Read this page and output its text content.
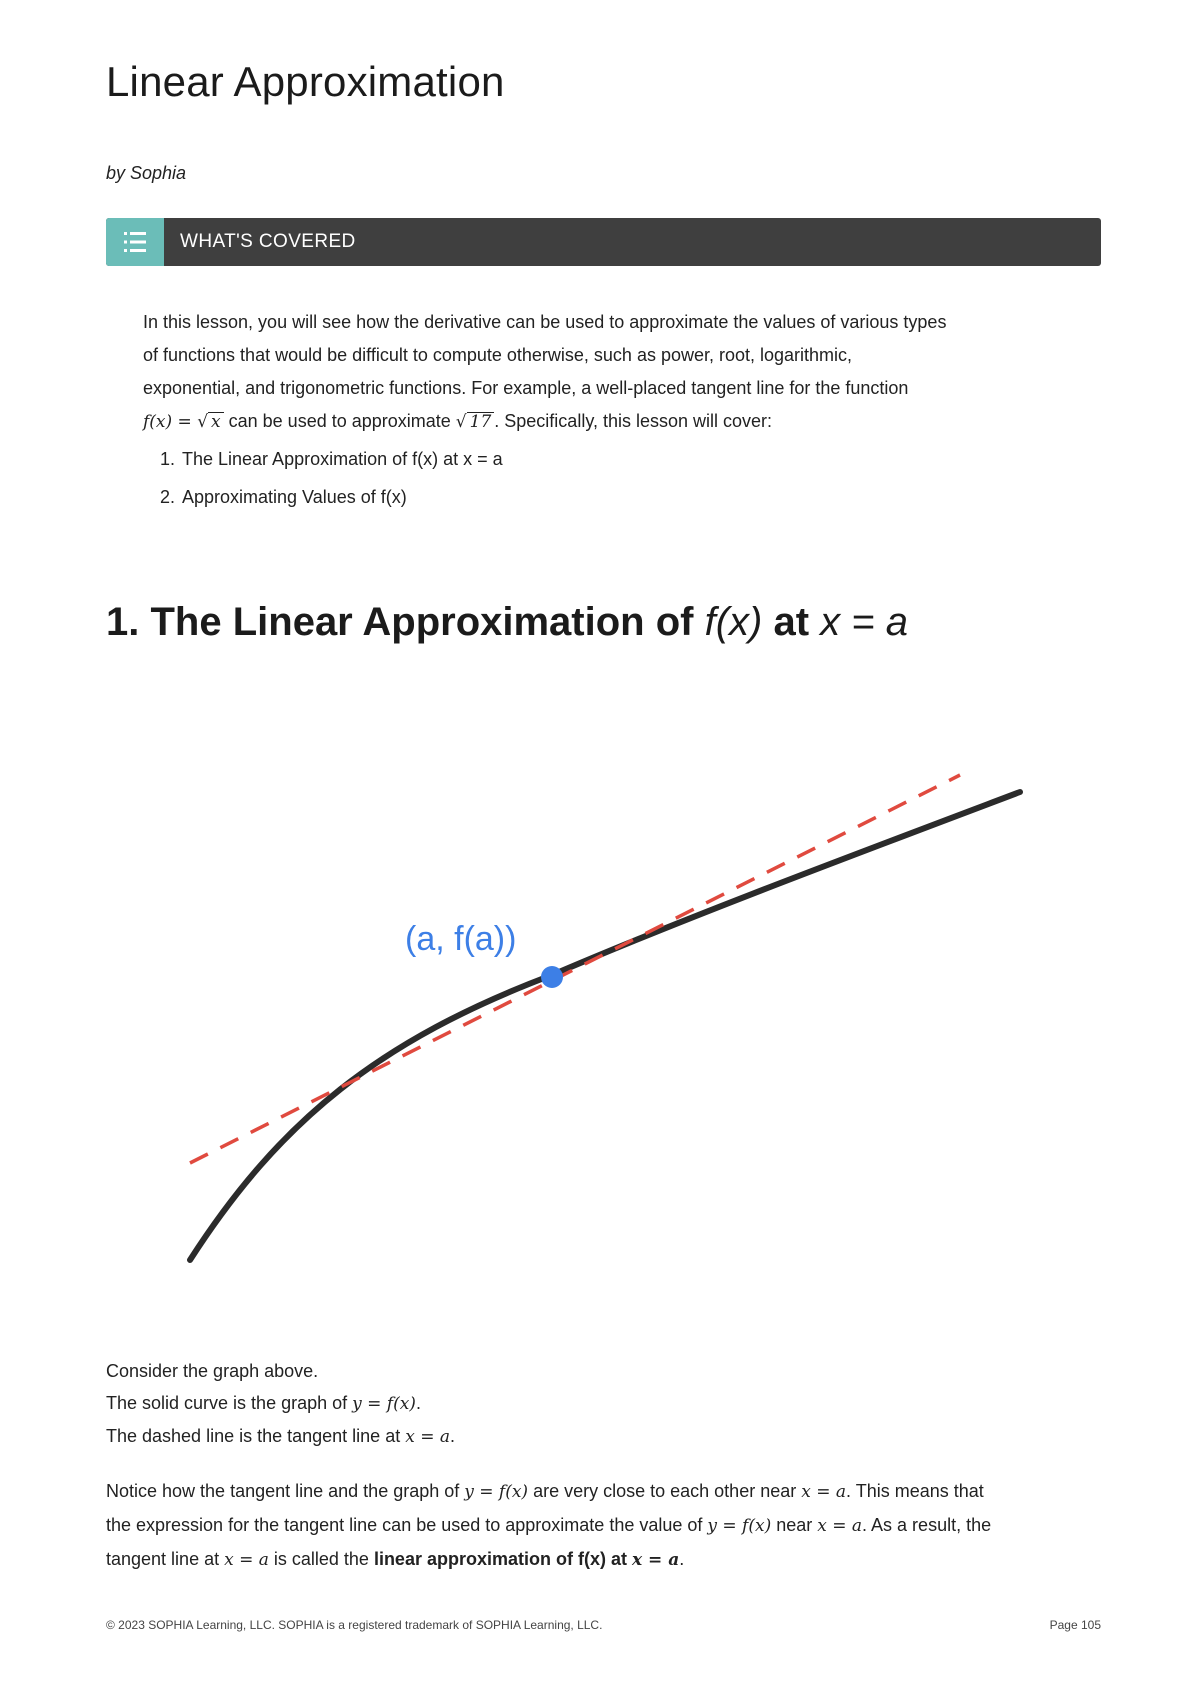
Linear Approximation
by Sophia
WHAT'S COVERED

In this lesson, you will see how the derivative can be used to approximate the values of various types

of functions that would be difficult to compute otherwise, such as power, root, logarithmic,

exponential, and trigonometric functions. For example, a well-placed tangent line for the function

f(x) = √ x can be used to approximate √ 17 . Specifically, this lesson will cover:

1. The Linear Approximation of f(x) at x = a
2. Approximating Values of f(x)
1. The Linear Approximation of f(x) at x = a
(a, f(a))

Consider the graph above.

The solid curve is the graph of y = f(x).

The dashed line is the tangent line at x = a.

Notice how the tangent line and the graph of y = f(x) are very close to each other near x = a. This means that

the expression for the tangent line can be used to approximate the value of y = f(x) near x = a. As a result, the

tangent line at x = a is called the linear approximation of f(x) at x = a.

© 2023 SOPHIA Learning, LLC. SOPHIA is a registered trademark of SOPHIA Learning, LLC.	Page 105
